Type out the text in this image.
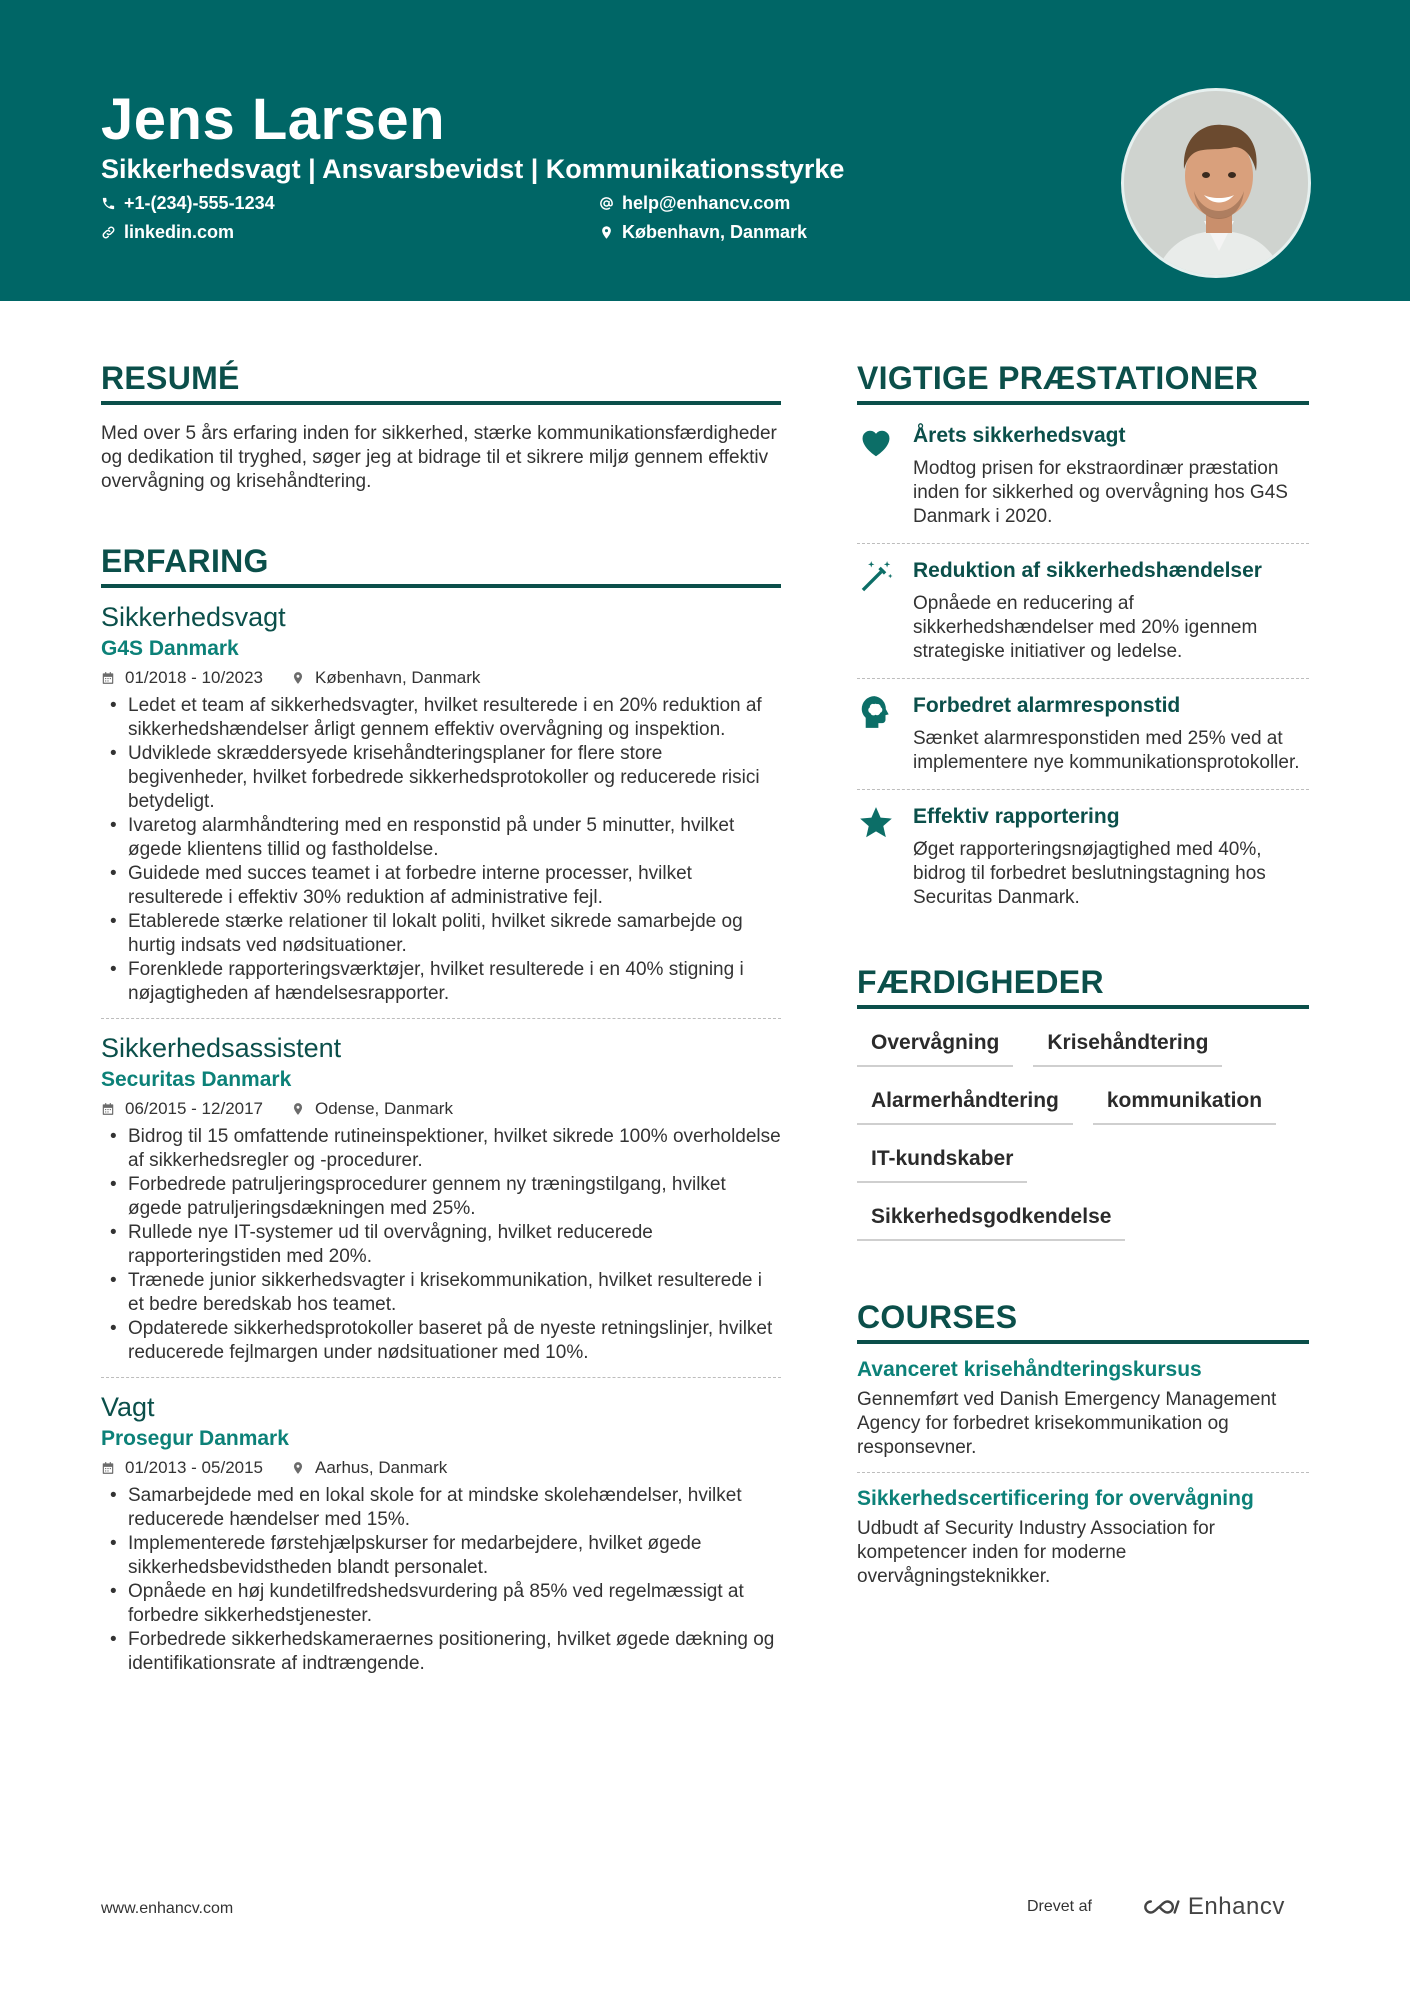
Jens Larsen
Sikkerhedsvagt | Ansvarsbevidst | Kommunikationsstyrke
+1-(234)-555-1234	help@enhancv.com
linkedin.com	København, Danmark
RESUMÉ

Med over 5 års erfaring inden for sikkerhed, stærke kommunikationsfærdigheder og dedikation til tryghed, søger jeg at bidrage til et sikrere miljø gennem effektiv overvågning og krisehåndtering.

ERFARING
Sikkerhedsvagt
G4S Danmark
01/2018 - 10/2023	København, Danmark
• Ledet et team af sikkerhedsvagter, hvilket resulterede i en 20% reduktion af sikkerhedshændelser årligt gennem effektiv overvågning og inspektion.
• Udviklede skræddersyede krisehåndteringsplaner for flere store begivenheder, hvilket forbedrede sikkerhedsprotokoller og reducerede risici betydeligt.
• Ivaretog alarmhåndtering med en responstid på under 5 minutter, hvilket øgede klientens tillid og fastholdelse.
• Guidede med succes teamet i at forbedre interne processer, hvilket resulterede i effektiv 30% reduktion af administrative fejl.
• Etablerede stærke relationer til lokalt politi, hvilket sikrede samarbejde og hurtig indsats ved nødsituationer.
• Forenklede rapporteringsværktøjer, hvilket resulterede i en 40% stigning i nøjagtigheden af hændelsesrapporter.
Sikkerhedsassistent
Securitas Danmark
06/2015 - 12/2017	Odense, Danmark
• Bidrog til 15 omfattende rutineinspektioner, hvilket sikrede 100% overholdelse af sikkerhedsregler og -procedurer.
• Forbedrede patruljeringsprocedurer gennem ny træningstilgang, hvilket øgede patruljeringsdækningen med 25%.
• Rullede nye IT-systemer ud til overvågning, hvilket reducerede rapporteringstiden med 20%.
• Trænede junior sikkerhedsvagter i krisekommunikation, hvilket resulterede i et bedre beredskab hos teamet.
• Opdaterede sikkerhedsprotokoller baseret på de nyeste retningslinjer, hvilket reducerede fejlmargen under nødsituationer med 10%.
Vagt
Prosegur Danmark
01/2013 - 05/2015	Aarhus, Danmark
• Samarbejdede med en lokal skole for at mindske skolehændelser, hvilket reducerede hændelser med 15%.
• Implementerede førstehjælpskurser for medarbejdere, hvilket øgede sikkerhedsbevidstheden blandt personalet.
• Opnåede en høj kundetilfredshedsvurdering på 85% ved regelmæssigt at forbedre sikkerhedstjenester.
• Forbedrede sikkerhedskameraernes positionering, hvilket øgede dækning og identifikationsrate af indtrængende.
VIGTIGE PRÆSTATIONER
Årets sikkerhedsvagt
Modtog prisen for ekstraordinær præstation inden for sikkerhed og overvågning hos G4S Danmark i 2020.
Reduktion af sikkerhedshændelser
Opnåede en reducering af sikkerhedshændelser med 20% igennem strategiske initiativer og ledelse.
Forbedret alarmresponstid
Sænket alarmresponstiden med 25% ved at implementere nye kommunikationsprotokoller.
Effektiv rapportering
Øget rapporteringsnøjagtighed med 40%, bidrog til forbedret beslutningstagning hos Securitas Danmark.
FÆRDIGHEDER
Overvågning	Krisehåndtering
Alarmerhåndtering	kommunikation
IT-kundskaber
Sikkerhedsgodkendelse
COURSES
Avanceret krisehåndteringskursus
Gennemført ved Danish Emergency Management Agency for forbedret krisekommunikation og responsevner.
Sikkerhedscertificering for overvågning
Udbudt af Security Industry Association for kompetencer inden for moderne overvågningsteknikker.
www.enhancv.com	Drevet af	Enhancv
